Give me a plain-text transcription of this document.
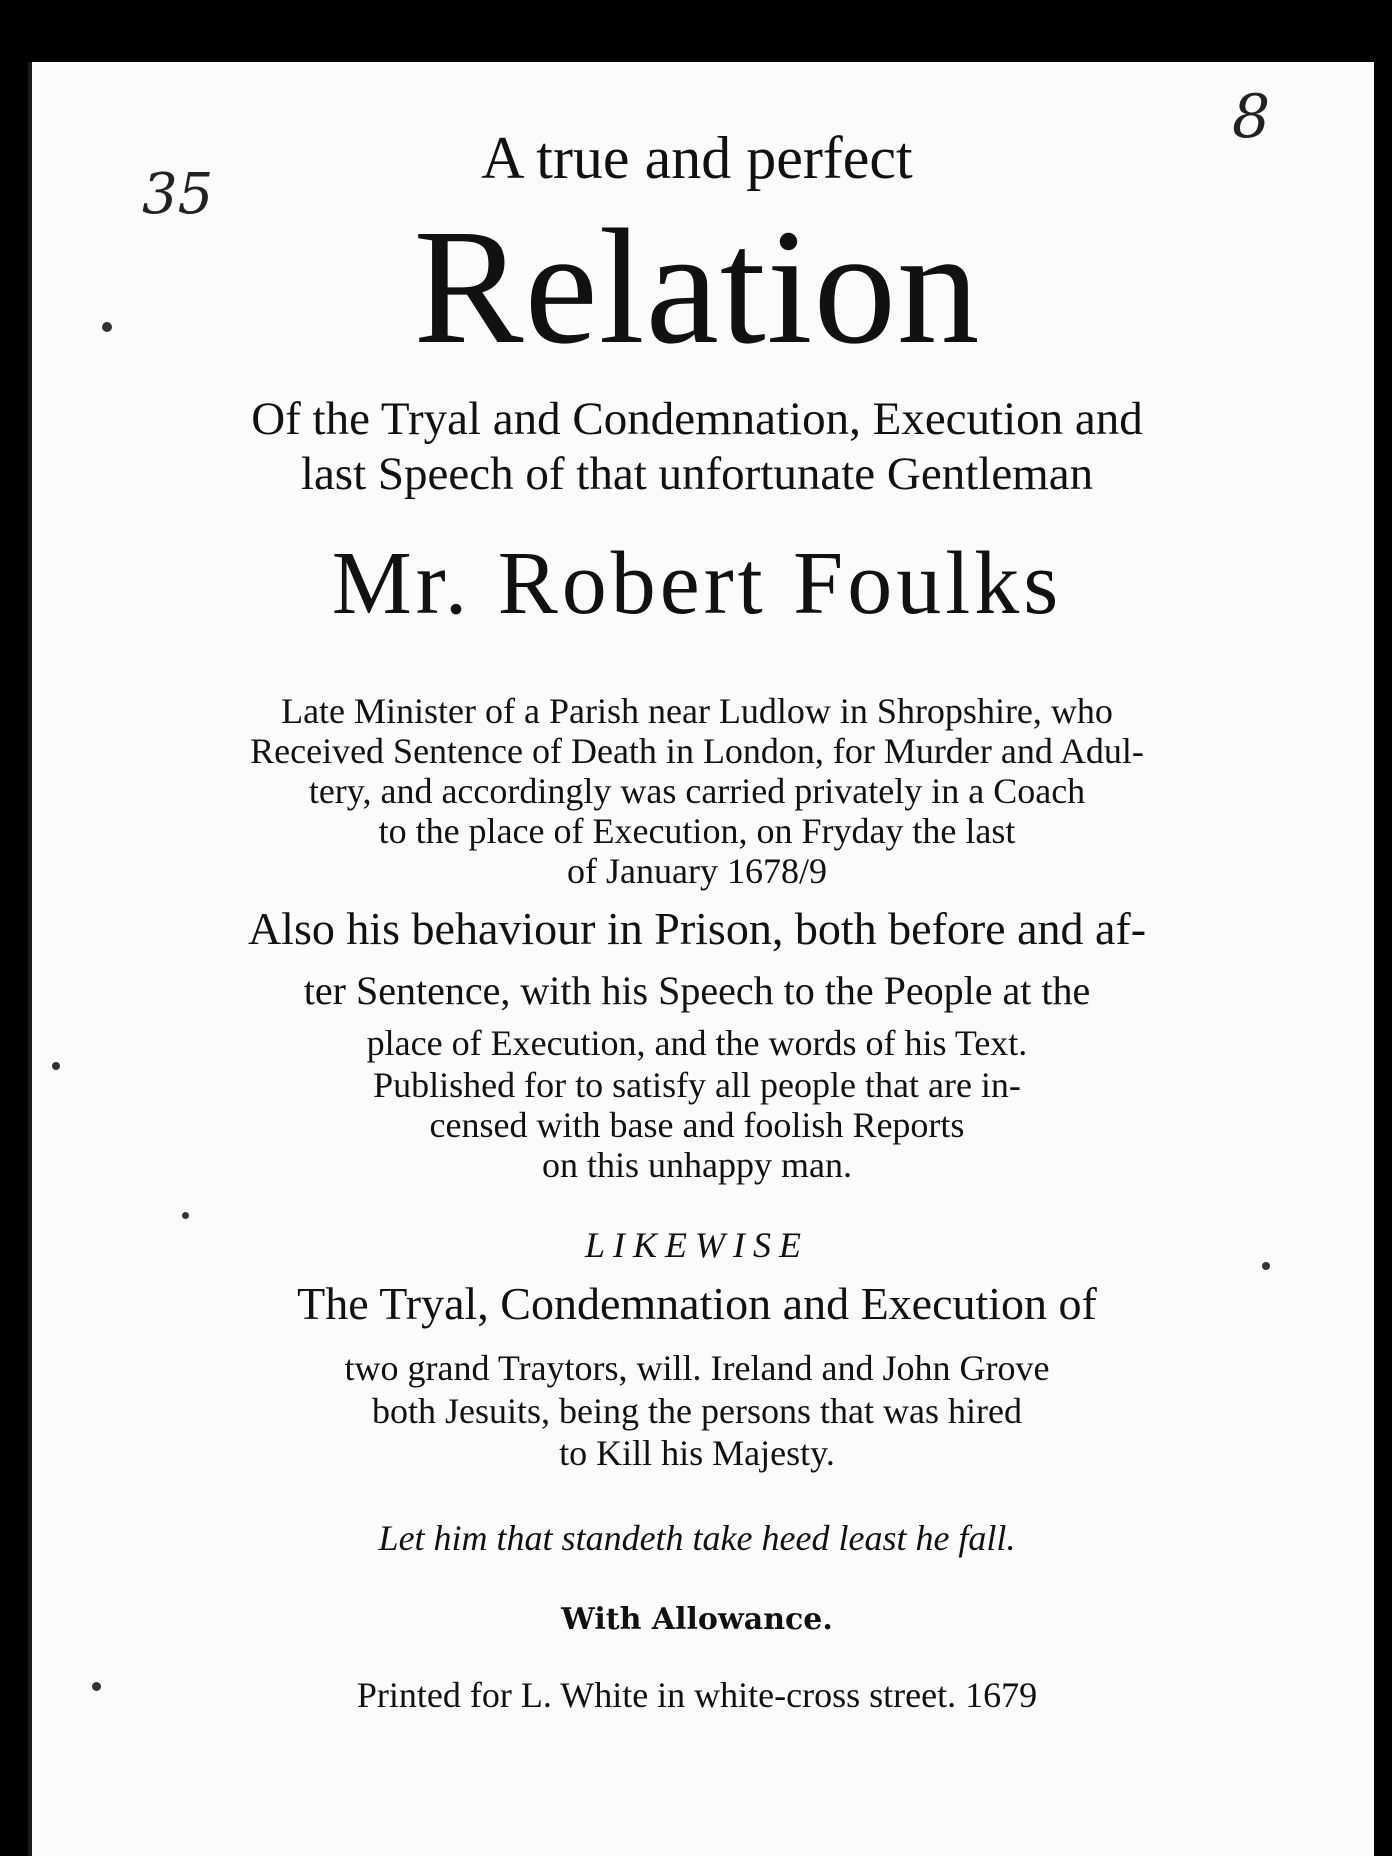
A true and perfect
Relation
Of the Tryal and Condemnation, Execution and
last Speech of that unfortunate Gentleman
Mr. Robert Foulks
Late Minister of a Parish near Ludlow in Shropshire, who
Received Sentence of Death in London, for Murder and Adul-
tery, and accordingly was carried privately in a Coach
to the place of Execution, on Fryday the last
of January 1678/9
Also his behaviour in Prison, both before and af-
ter Sentence, with his Speech to the People at the
place of Execution, and the words of his Text.
Published for to satisfy all people that are in-
censed with base and foolish Reports
on this unhappy man.
LIKEWISE
The Tryal, Condemnation and Execution of
two grand Traytors, will. Ireland and John Grove
both Jesuits, being the persons that was hired
to Kill his Majesty.
Let him that standeth take heed least he fall.
With Allowance.
Printed for L. White in white-cross street. 1679
35
8
